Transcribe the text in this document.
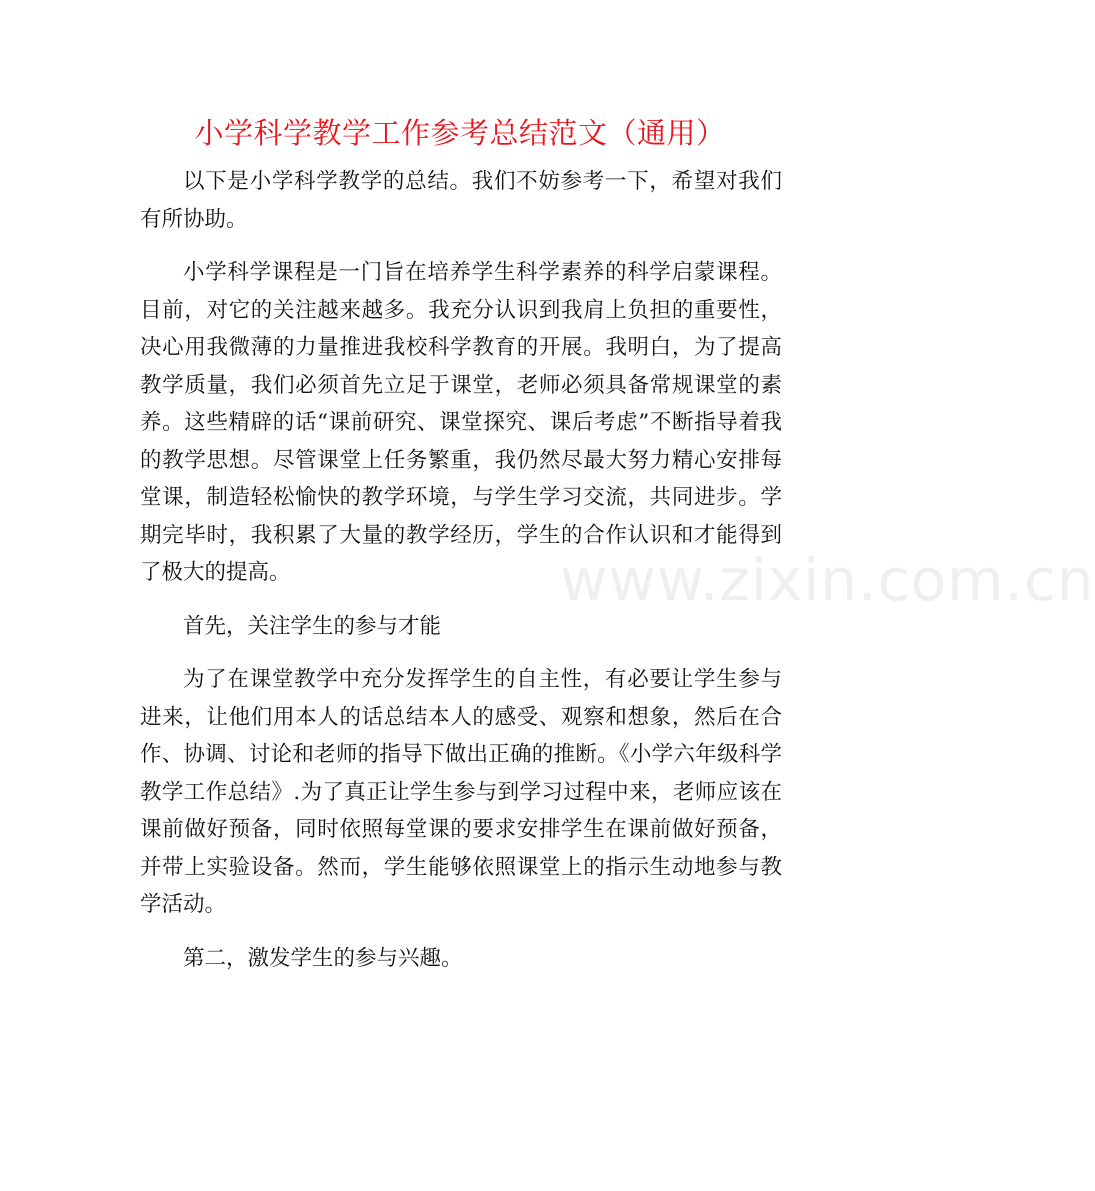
小学科学教学工作参考总结范文（通用）

以下是小学科学教学的总结。我们不妨参考一下，希望对我们有所协助。

小学科学课程是一门旨在培养学生科学素养的科学启蒙课程。目前，对它的关注越来越多。我充分认识到我肩上负担的重要性，决心用我微薄的力量推进我校科学教育的开展。我明白，为了提高教学质量，我们必须首先立足于课堂，老师必须具备常规课堂的素养。这些精辟的话“课前研究、课堂探究、课后考虑”不断指导着我的教学思想。尽管课堂上任务繁重，我仍然尽最大努力精心安排每堂课，制造轻松愉快的教学环境，与学生学习交流，共同进步。学期完毕时，我积累了大量的教学经历，学生的合作认识和才能得到了极大的提高。

首先，关注学生的参与才能

为了在课堂教学中充分发挥学生的自主性，有必要让学生参与进来，让他们用本人的话总结本人的感受、观察和想象，然后在合作、协调、讨论和老师的指导下做出正确的推断。《小学六年级科学教学工作总结》.为了真正让学生参与到学习过程中来，老师应该在课前做好预备，同时依照每堂课的要求安排学生在课前做好预备，并带上实验设备。然而，学生能够依照课堂上的指示生动地参与教学活动。

第二，激发学生的参与兴趣。

www.zixin.com.cn
